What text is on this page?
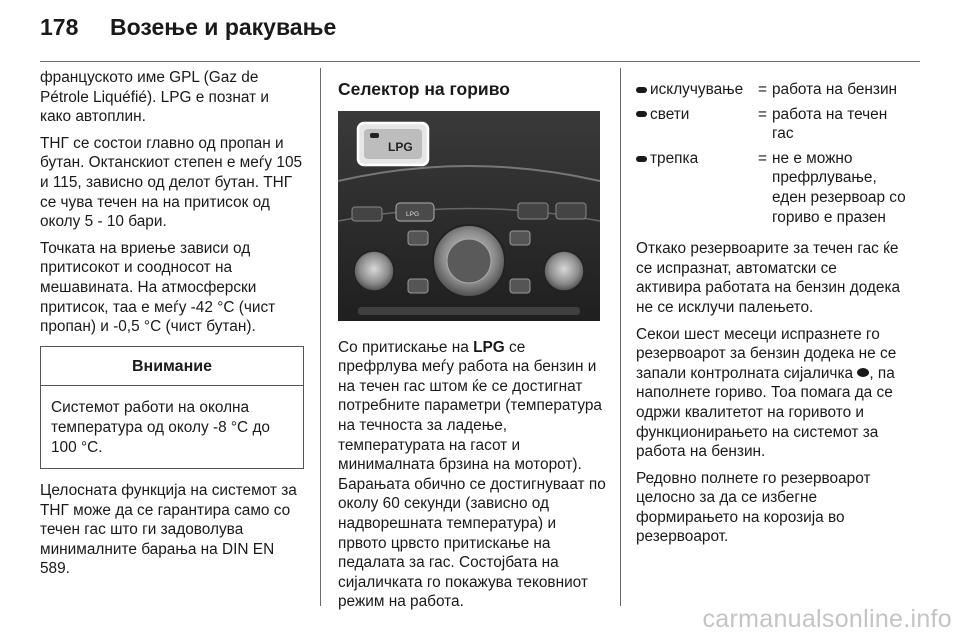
178	Возење и ракување

француското име GPL (Gaz de Pétrole Liquéfié). LPG е познат и како автоплин.

ТНГ се состои главно од пропан и бутан. Октанскиот степен е меѓу 105 и 115, зависно од делот бутан. ТНГ се чува течен на на притисок од околу 5 - 10 бари.

Точката на вриење зависи од притисокот и соодносот на мешавината. На атмосферски притисок, таа е меѓу -42 °C (чист пропан) и -0,5 °C (чист бутан).

Внимание
Системот работи на околна температура од околу -8 °C до 100 °C.

Целосната функција на системот за ТНГ може да се гарантира само со течен гас што ги задоволува минималните барања на DIN EN 589.

Селектор на гориво
LPG
LPG

Со притискање на LPG се префрлува меѓу работа на бензин и на течен гас штом ќе се достигнат потребните параметри (температура на течноста за ладење, температурата на гасот и минималната брзина на моторот). Барањата обично се достигнуваат по околу 60 секунди (зависно од надворешната температура) и првото црвсто притискање на педалата за гас. Состојбата на сијаличката го покажува тековниот режим на работа.

исклучување = работа на бензин
свети	= работа на течен гас
трепка	= не е можно префрлување, еден резервоар со гориво е празен

Откако резервоарите за течен гас ќе се испразнат, автоматски се активира работата на бензин додека не се исклучи палењето.

Секои шест месеци испразнете го резервоарот за бензин додека не се запали контролната сијаличка , па наполнете гориво. Тоа помага да се одржи квалитетот на горивото и функционирањето на системот за работа на бензин.

Редовно полнете го резервоарот целосно за да се избегне формирањето на корозија во резервоарот.

carmanualsonline.info
